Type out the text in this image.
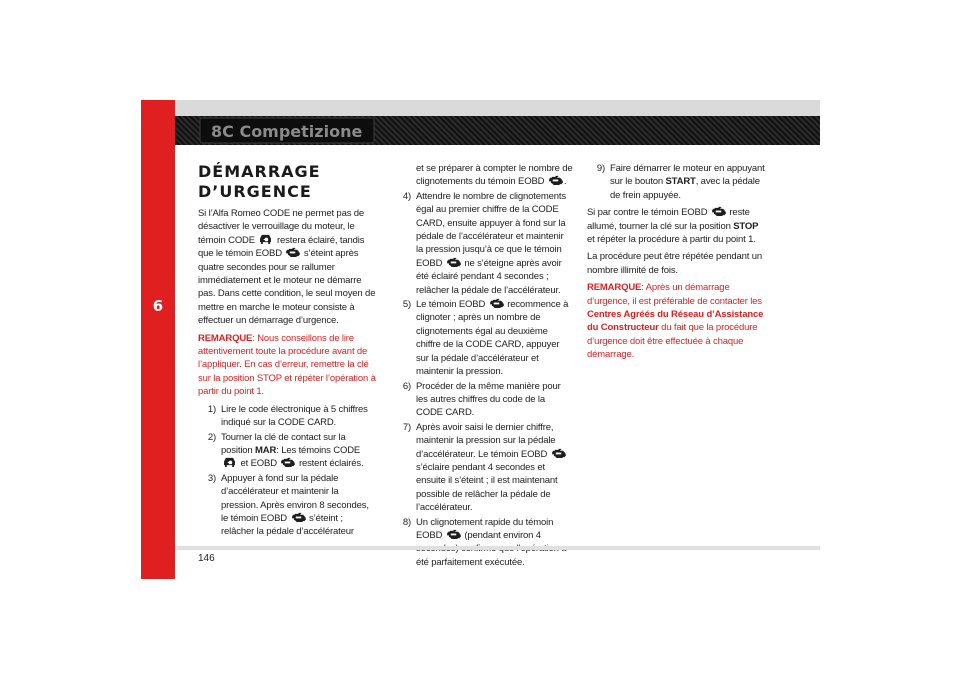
6
8C Competizione
DÉMARRAGE
D’URGENCE

Si l’Alfa Romeo CODE ne permet pas de désactiver le verrouillage du moteur, le témoin CODE restera éclairé, tandis que le témoin EOBD s’éteint après quatre secondes pour se rallumer immédiatement et le moteur ne démarre pas. Dans cette condition, le seul moyen de mettre en marche le moteur consiste à effectuer un démarrage d’urgence.

REMARQUE: Nous conseillons de lire attentivement toute la procédure avant de l’appliquer. En cas d’erreur, remettre la clé sur la position STOP et répéter l’opération à partir du point 1.

1) Lire le code électronique à 5 chiffres indiqué sur la CODE CARD.
2) Tourner la clé de contact sur la position MAR: Les témoins CODE  et EOBD restent éclairés.
3) Appuyer à fond sur la pédale d’accélérateur et maintenir la pression. Après environ 8 secondes, le témoin EOBD s’éteint ; relâcher la pédale d’accélérateur
et se préparer à compter le nombre de clignotements du témoin EOBD .
4) Attendre le nombre de clignotements égal au premier chiffre de la CODE CARD, ensuite appuyer à fond sur la pédale de l’accélérateur et maintenir la pression jusqu’à ce que le témoin EOBD ne s’éteigne après avoir été éclairé pendant 4 secondes ; relâcher la pédale de l’accélérateur.
5) Le témoin EOBD recommence à clignoter ; après un nombre de clignotements égal au deuxième chiffre de la CODE CARD, appuyer sur la pédale d’accélérateur et maintenir la pression.
6) Procéder de la même manière pour les autres chiffres du code de la CODE CARD.
7) Après avoir saisi le dernier chiffre, maintenir la pression sur la pédale d’accélérateur. Le témoin EOBD  s’éclaire pendant 4 secondes et ensuite il s’éteint ; il est maintenant possible de relâcher la pédale de l’accélérateur.
8) Un clignotement rapide du témoin EOBD (pendant environ 4 été parfaitement exécutée.
9) Faire démarrer le moteur en appuyant sur le bouton START, avec la pédale de frein appuyée.

Si par contre le témoin EOBD reste allumé, tourner la clé sur la position STOP et répéter la procédure à partir du point 1.

La procédure peut être répétée pendant un nombre illimité de fois.

REMARQUE: Après un démarrage d’urgence, il est préférable de contacter les Centres Agréés du Réseau d’Assistance du Constructeur du fait que la procédure d’urgence doit être effectuée à chaque démarrage.

146
